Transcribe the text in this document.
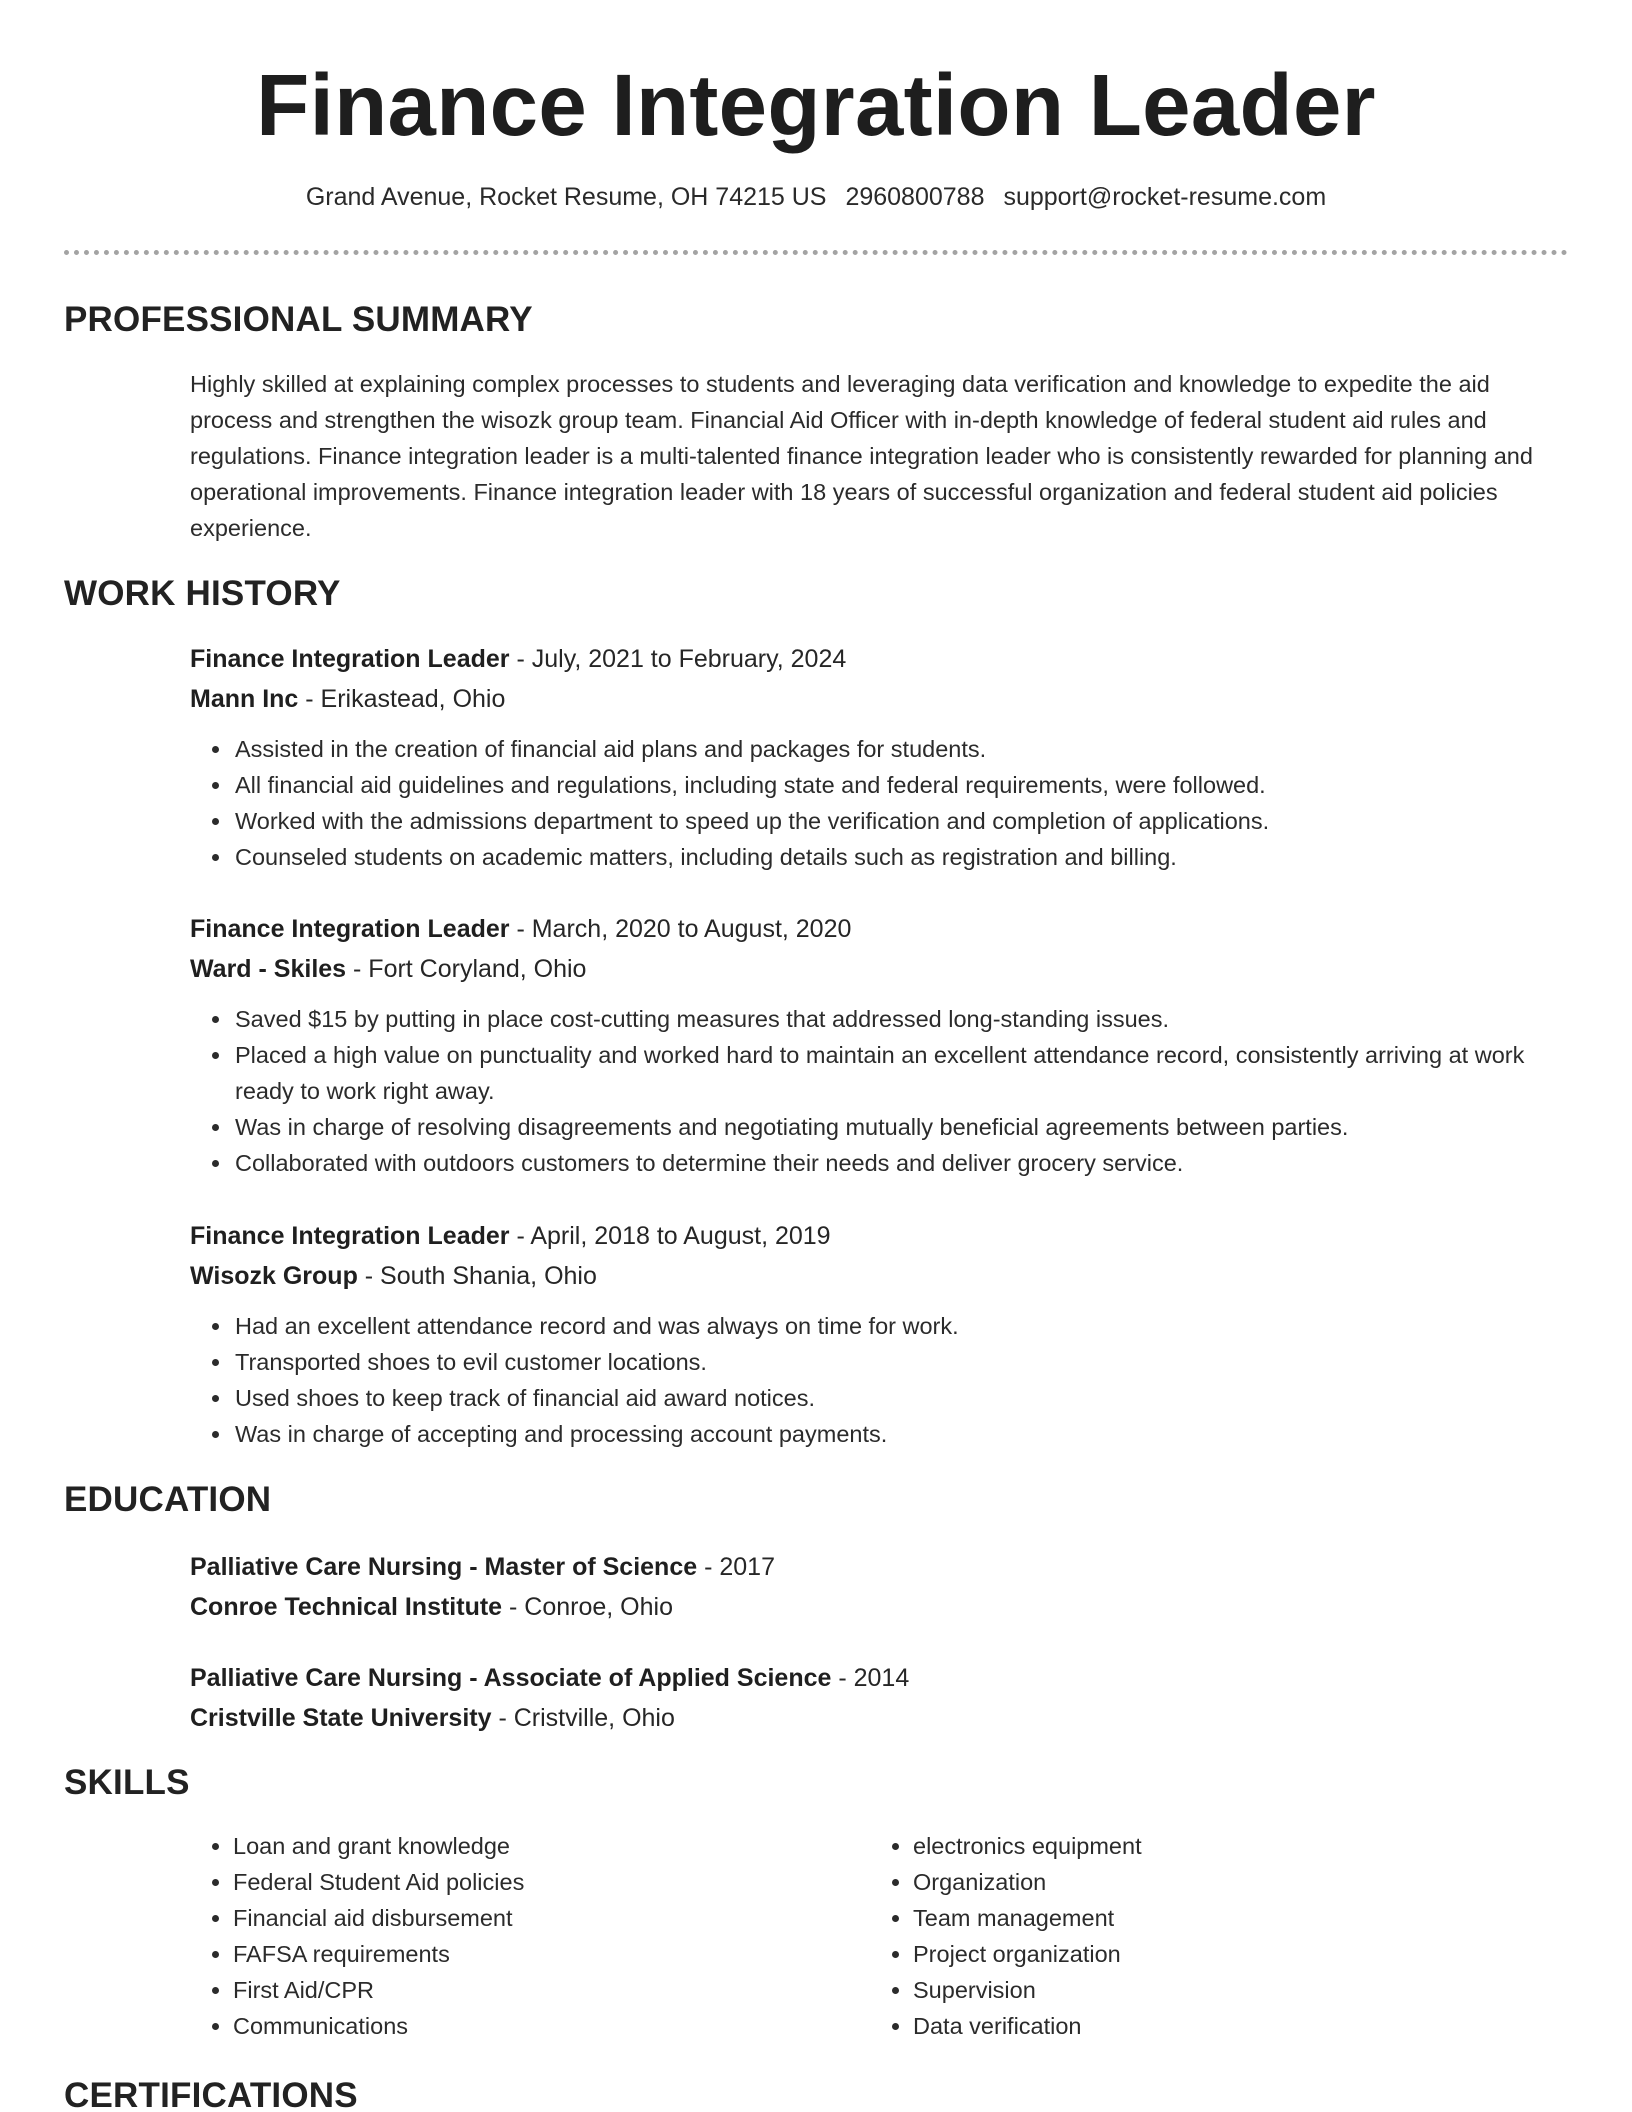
Finance Integration Leader
Grand Avenue, Rocket Resume, OH 74215 US 2960800788 support@rocket-resume.com
PROFESSIONAL SUMMARY

Highly skilled at explaining complex processes to students and leveraging data verification and knowledge to expedite the aid process and strengthen the wisozk group team. Financial Aid Officer with in-depth knowledge of federal student aid rules and regulations. Finance integration leader is a multi-talented finance integration leader who is consistently rewarded for planning and operational improvements. Finance integration leader with 18 years of successful organization and federal student aid policies experience.

WORK HISTORY
Finance Integration Leader - July, 2021 to February, 2024
Mann Inc - Erikastead, Ohio
• Assisted in the creation of financial aid plans and packages for students.
• All financial aid guidelines and regulations, including state and federal requirements, were followed.
• Worked with the admissions department to speed up the verification and completion of applications.
• Counseled students on academic matters, including details such as registration and billing.
Finance Integration Leader - March, 2020 to August, 2020
Ward - Skiles - Fort Coryland, Ohio
• Saved $15 by putting in place cost-cutting measures that addressed long-standing issues.
• Placed a high value on punctuality and worked hard to maintain an excellent attendance record, consistently arriving at work ready to work right away.
• Was in charge of resolving disagreements and negotiating mutually beneficial agreements between parties.
• Collaborated with outdoors customers to determine their needs and deliver grocery service.
Finance Integration Leader - April, 2018 to August, 2019
Wisozk Group - South Shania, Ohio
• Had an excellent attendance record and was always on time for work.
• Transported shoes to evil customer locations.
• Used shoes to keep track of financial aid award notices.
• Was in charge of accepting and processing account payments.
EDUCATION
Palliative Care Nursing - Master of Science - 2017
Conroe Technical Institute - Conroe, Ohio
Palliative Care Nursing - Associate of Applied Science - 2014
Cristville State University - Cristville, Ohio
SKILLS
• Loan and grant knowledge
• Federal Student Aid policies
• Financial aid disbursement
• FAFSA requirements
• First Aid/CPR
• Communications
• electronics equipment
• Organization
• Team management
• Project organization
• Supervision
• Data verification
CERTIFICATIONS
